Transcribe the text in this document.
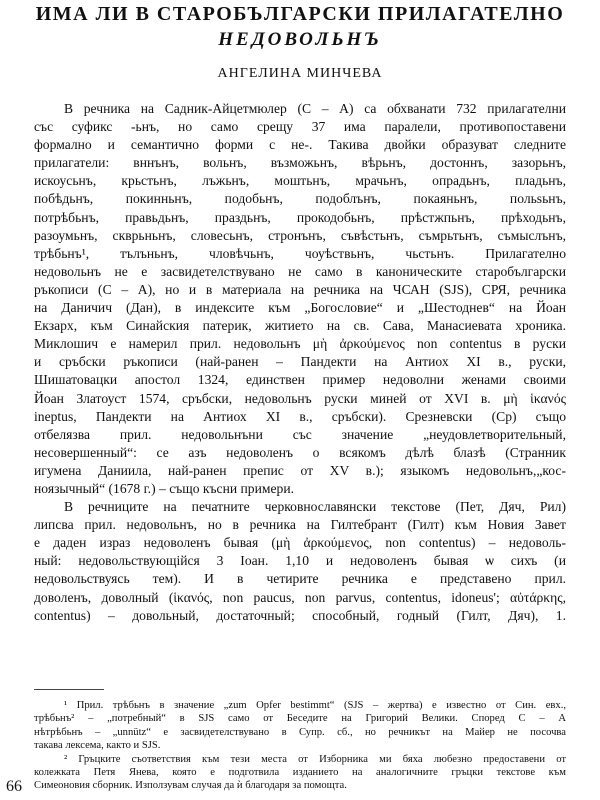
ИМА ЛИ В СТАРОБЪЛГАРСКИ ПРИЛАГАТЕЛНО
НЕДОВОЛЬНЪ
АНГЕЛИНА МИНЧЕВА
В речника на Садник-Айцетмюлер (С – А) са обхванати 732 прилагателни
със суфикс -ьнъ, но само срещу 37 има паралели, противопоставени
формално и семантично форми с не-. Такива двойки образуват следните
прилагатели: вннънъ, вольнъ, възможьнъ, вѣрьнъ, достоннъ, зазорьнъ,
искоусьнъ, крьстьнъ, лъжьнъ, моштьнъ, мрачьнъ, опрадьнъ, пладьнъ,
побѣдьнъ, покинньнъ, подобьнъ, подоблънъ, покаяньнъ, польѕьнъ,
потрѣбьнъ, правьдьнъ, праздьнъ, прокодобьнъ, прѣстжпьнъ, прѣходьнъ,
разоумьнъ, скврьньнъ, словесьнъ, стронънъ, съвѣстьнъ, съмрьтьнъ, съмыслънъ,
трѣбьнъ¹, тълъньнъ, чловѣчьнъ, чоуѣствьнъ, чьстьнъ. Прилагателно
недовольнъ не е засвидетелствувано не само в каноническите старобългарски
ръкописи (С – А), но и в материала на речника на ЧСАН (SJS), СРЯ, речника
на Даничич (Дан), в индексите към „Богословие“ и „Шестоднев“ на Йоан
Екзарх, към Синайския патерик, житието на св. Сава, Манасиевата хроника.
Миклошич е намерил прил. недовольнъ μὴ ἀρκούμενος non contentus в руски
и сръбски ръкописи (най-ранен – Пандекти на Антиох XI в., руски,
Шишатовацки апостол 1324, единствен пример недоволни женами своими
Йоан Златоуст 1574, сръбски, недовольнъ руски миней от XVI в. μὴ ἱκανός
ineptus, Пандекти на Антиох XI в., сръбски). Срезневски (Ср) също
отбелязва прил. недовольнъни със значение „неудовлетворительный,
несовершенный“: се азъ недоволенъ о всякомъ дѣлѣ блазѣ (Странник
игумена Даниила, най-ранен препис от XV в.); языкомъ недовольнъ,„кос-
ноязычный“ (1678 г.) – също късни примери.
В речниците на печатните черковнославянски текстове (Пет, Дяч, Рил)
липсва прил. недовольнъ, но в речника на Гилтебрант (Гилт) към Новия Завет
е даден израз недоволенъ бывая (μὴ ἀρκούμενος, non contentus) – недоволь-
ный: недовольствующійся 3 Іоан. 1,10 и недоволенъ бывая ѡ сихъ (и
недовольствуясь тем). И в четирите речника е представено прил.
доволенъ, доволный (ἱκανός, non paucus, non parvus, contentus, idoneus'; αὐτάρκης,
contentus) – довольный, достаточный; способный, годный (Гилт, Дяч), 1.
¹ Прил. трѣбьнъ в значение „zum Opfer bestimmt“ (SJS – жертва) е известно от Син. евх.,
трѣбьнъ² – „потребный“ в SJS само от Беседите на Григорий Велики. Според С – А
нѣтрѣбьнъ – „unnütz“ е засвидетелствувано в Супр. сб., но речникът на Майер не посочва
такава лексема, както и SJS.
² Гръцките съответствия към тези места от Изборника ми бяха любезно предоставени от
колежката Петя Янева, която е подготвила изданието на аналогичните гръцки текстове към
Симеоновия сборник. Използувам случая да ѝ благодаря за помощта.
66
